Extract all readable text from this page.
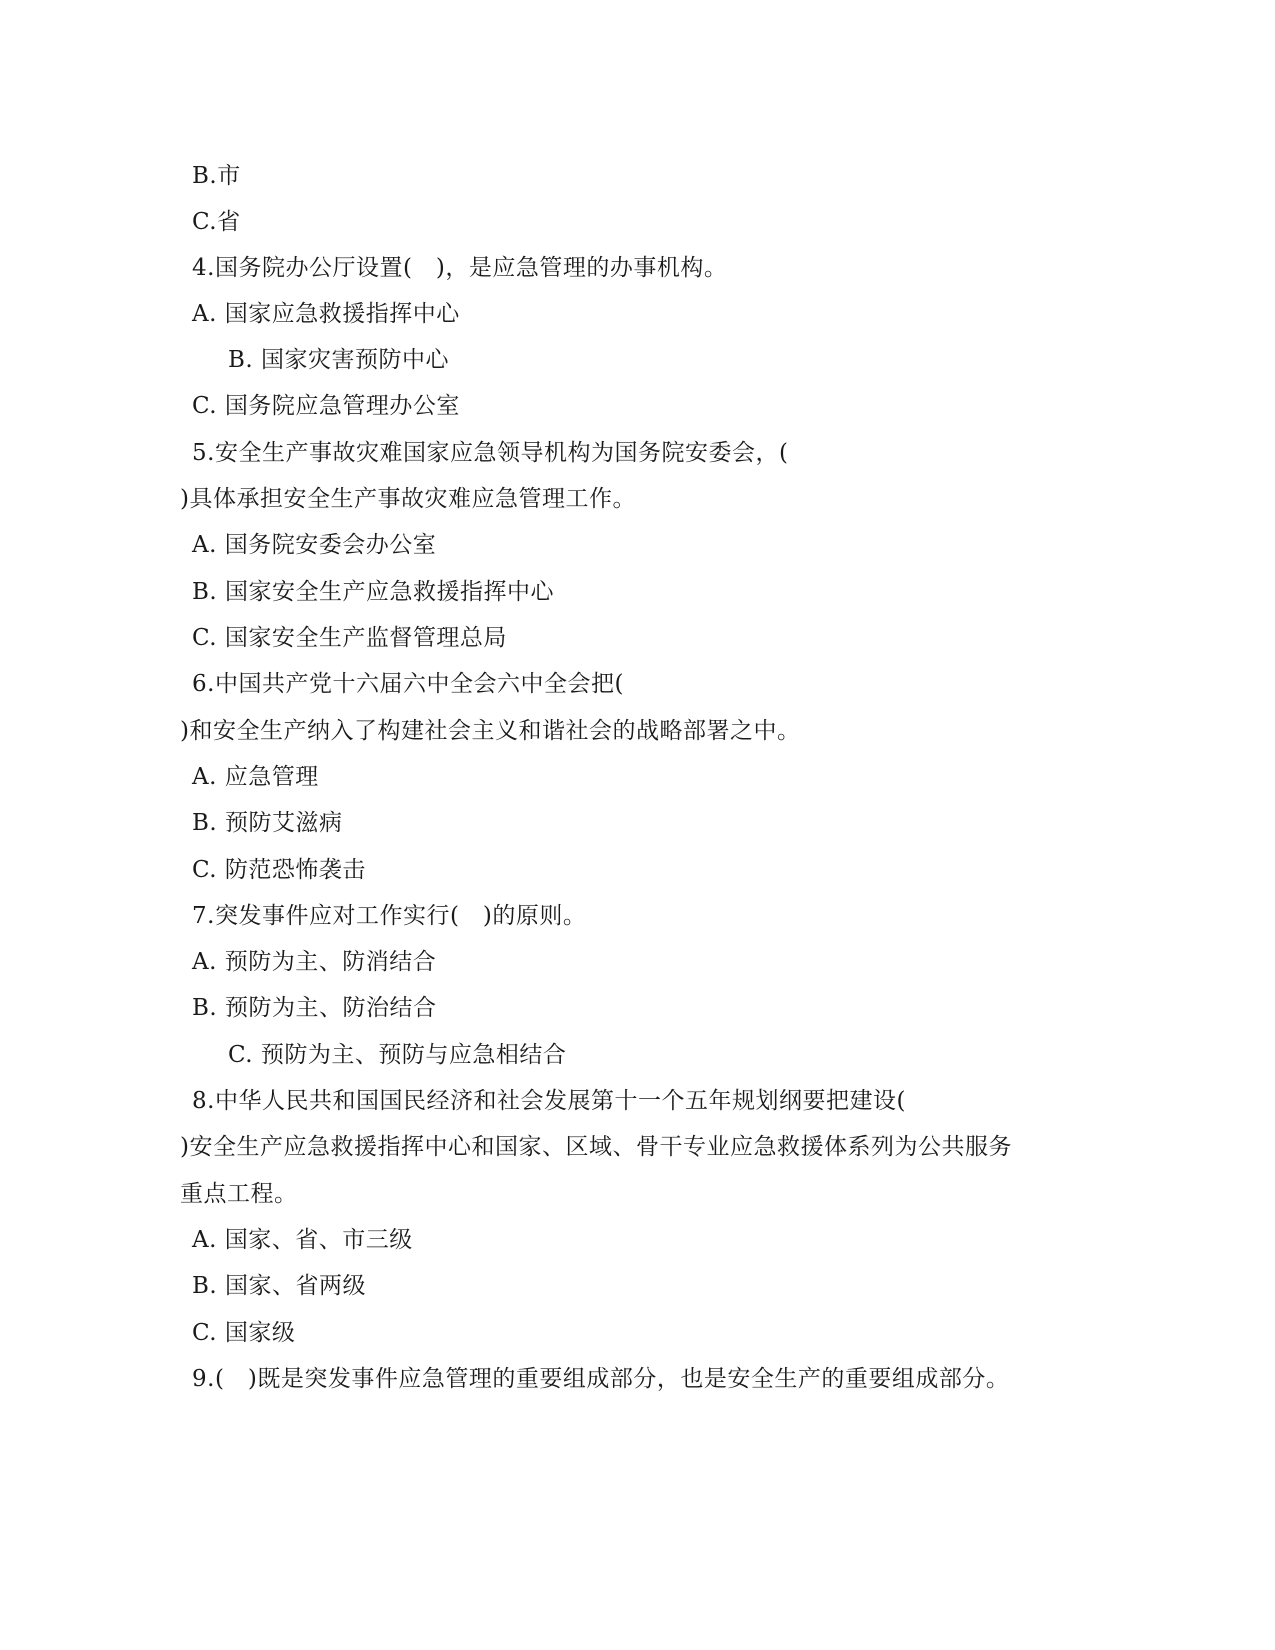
B.市
C.省
4.国务院办公厅设置(　)，是应急管理的办事机构。
A. 国家应急救援指挥中心
B. 国家灾害预防中心
C. 国务院应急管理办公室
5.安全生产事故灾难国家应急领导机构为国务院安委会，(
)具体承担安全生产事故灾难应急管理工作。
A. 国务院安委会办公室
B. 国家安全生产应急救援指挥中心
C. 国家安全生产监督管理总局
6.中国共产党十六届六中全会六中全会把(
)和安全生产纳入了构建社会主义和谐社会的战略部署之中。
A. 应急管理
B. 预防艾滋病
C. 防范恐怖袭击
7.突发事件应对工作实行(　)的原则。
A. 预防为主、防消结合
B. 预防为主、防治结合
C. 预防为主、预防与应急相结合
8.中华人民共和国国民经济和社会发展第十一个五年规划纲要把建设(
)安全生产应急救援指挥中心和国家、区域、骨干专业应急救援体系列为公共服务
重点工程。
A. 国家、省、市三级
B. 国家、省两级
C. 国家级
9.(　)既是突发事件应急管理的重要组成部分，也是安全生产的重要组成部分。
